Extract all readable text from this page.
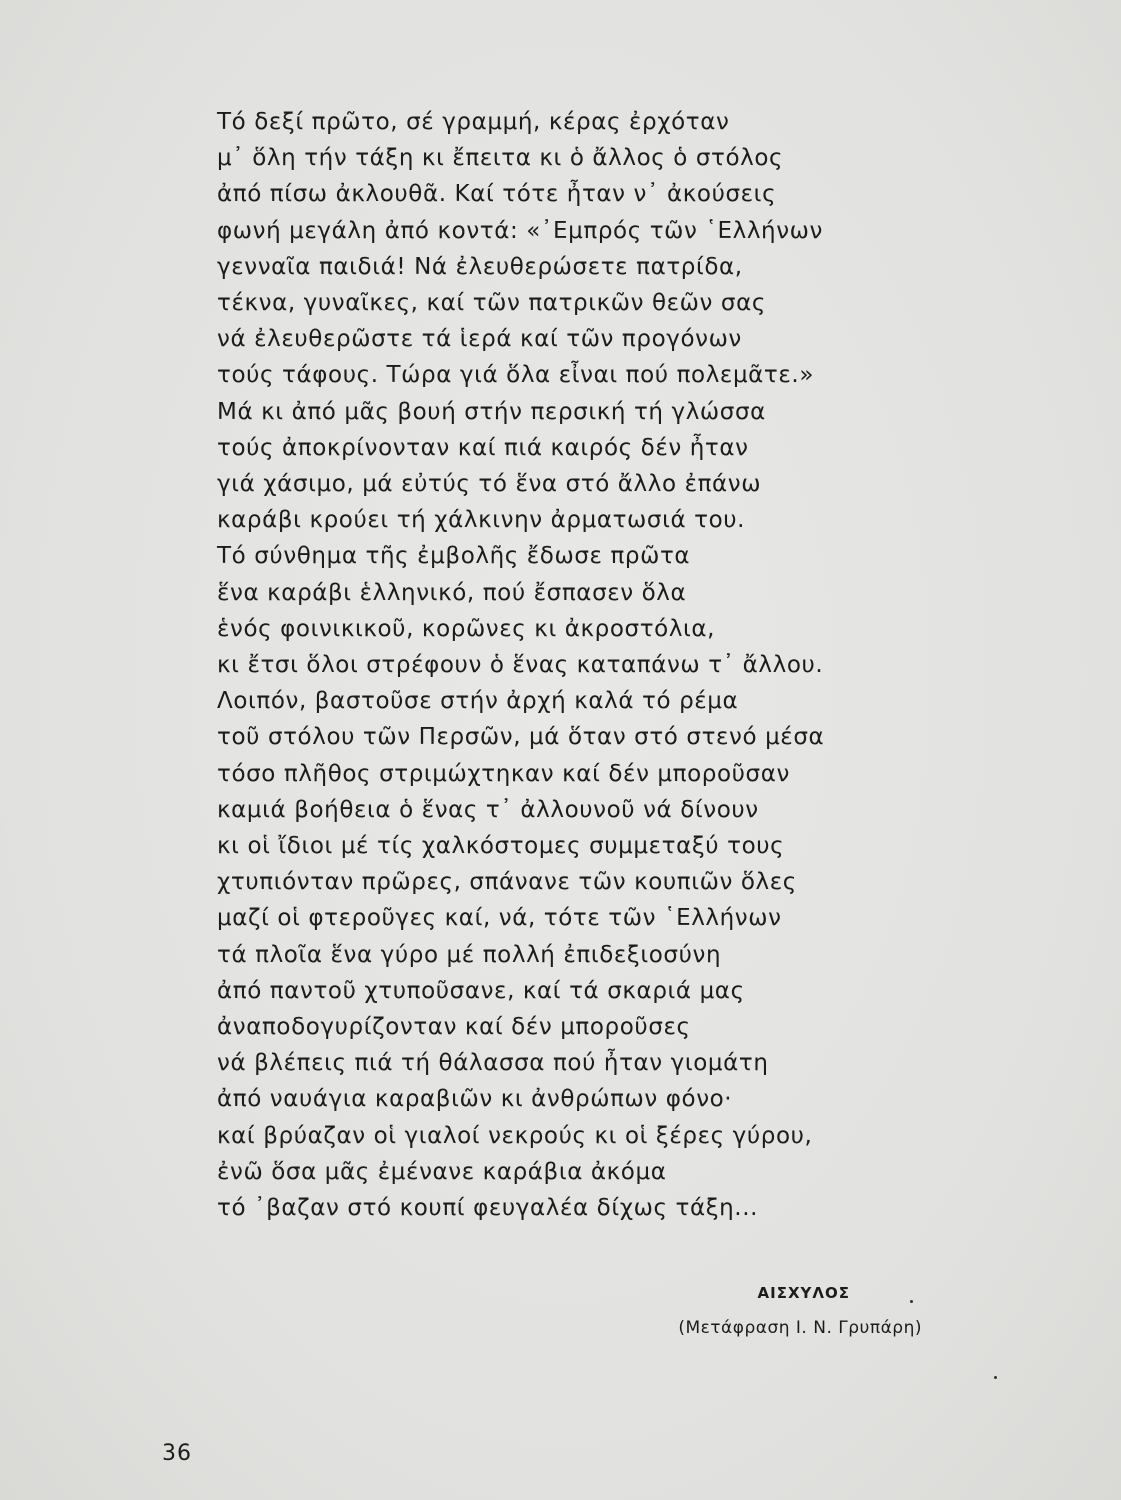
Τό δεξί πρῶτο, σέ γραμμή, κέρας ἐρχόταν
μ᾿ ὅλη τήν τάξη κι ἔπειτα κι ὁ ἄλλος ὁ στόλος
ἀπό πίσω ἀκλουθᾶ. Καί τότε ἦταν ν᾿ ἀκούσεις
φωνή μεγάλη ἀπό κοντά: «᾿Εμπρός τῶν ῾Ελλήνων
γενναῖα παιδιά! Νά ἐλευθερώσετε πατρίδα,
τέκνα, γυναῖκες, καί τῶν πατρικῶν θεῶν σας
νά ἐλευθερῶστε τά ἱερά καί τῶν προγόνων
τούς τάφους. Τώρα γιά ὅλα εἶναι πού πολεμᾶτε.»
Μά κι ἀπό μᾶς βουή στήν περσική τή γλώσσα
τούς ἀποκρίνονταν καί πιά καιρός δέν ἦταν
γιά χάσιμο, μά εὐτύς τό ἕνα στό ἄλλο ἐπάνω
καράβι κρούει τή χάλκινην ἀρματωσιά του.
Τό σύνθημα τῆς ἐμβολῆς ἔδωσε πρῶτα
ἕνα καράβι ἑλληνικό, πού ἔσπασεν ὅλα
ἑνός φοινικικοῦ, κορῶνες κι ἀκροστόλια,
κι ἔτσι ὅλοι στρέφουν ὁ ἕνας καταπάνω τ᾿ ἄλλου.
Λοιπόν, βαστοῦσε στήν ἀρχή καλά τό ρέμα
τοῦ στόλου τῶν Περσῶν, μά ὅταν στό στενό μέσα
τόσο πλῆθος στριμώχτηκαν καί δέν μποροῦσαν
καμιά βοήθεια ὁ ἕνας τ᾿ ἀλλουνοῦ νά δίνουν
κι οἱ ἴδιοι μέ τίς χαλκόστομες συμμεταξύ τους
χτυπιόνταν πρῶρες, σπάνανε τῶν κουπιῶν ὅλες
μαζί οἱ φτεροῦγες καί, νά, τότε τῶν ῾Ελλήνων
τά πλοῖα ἕνα γύρο μέ πολλή ἐπιδεξιοσύνη
ἀπό παντοῦ χτυποῦσανε, καί τά σκαριά μας
ἀναποδογυρίζονταν καί δέν μποροῦσες
νά βλέπεις πιά τή θάλασσα πού ἦταν γιομάτη
ἀπό ναυάγια καραβιῶν κι ἀνθρώπων φόνο·
καί βρύαζαν οἱ γιαλοί νεκρούς κι οἱ ξέρες γύρου,
ἐνῶ ὅσα μᾶς ἐμένανε καράβια ἀκόμα
τό ᾿βαζαν στό κουπί φευγαλέα δίχως τάξη...
ΑΙΣΧΥΛΟΣ
(Μετάφραση Ι. Ν. Γρυπάρη)
36
